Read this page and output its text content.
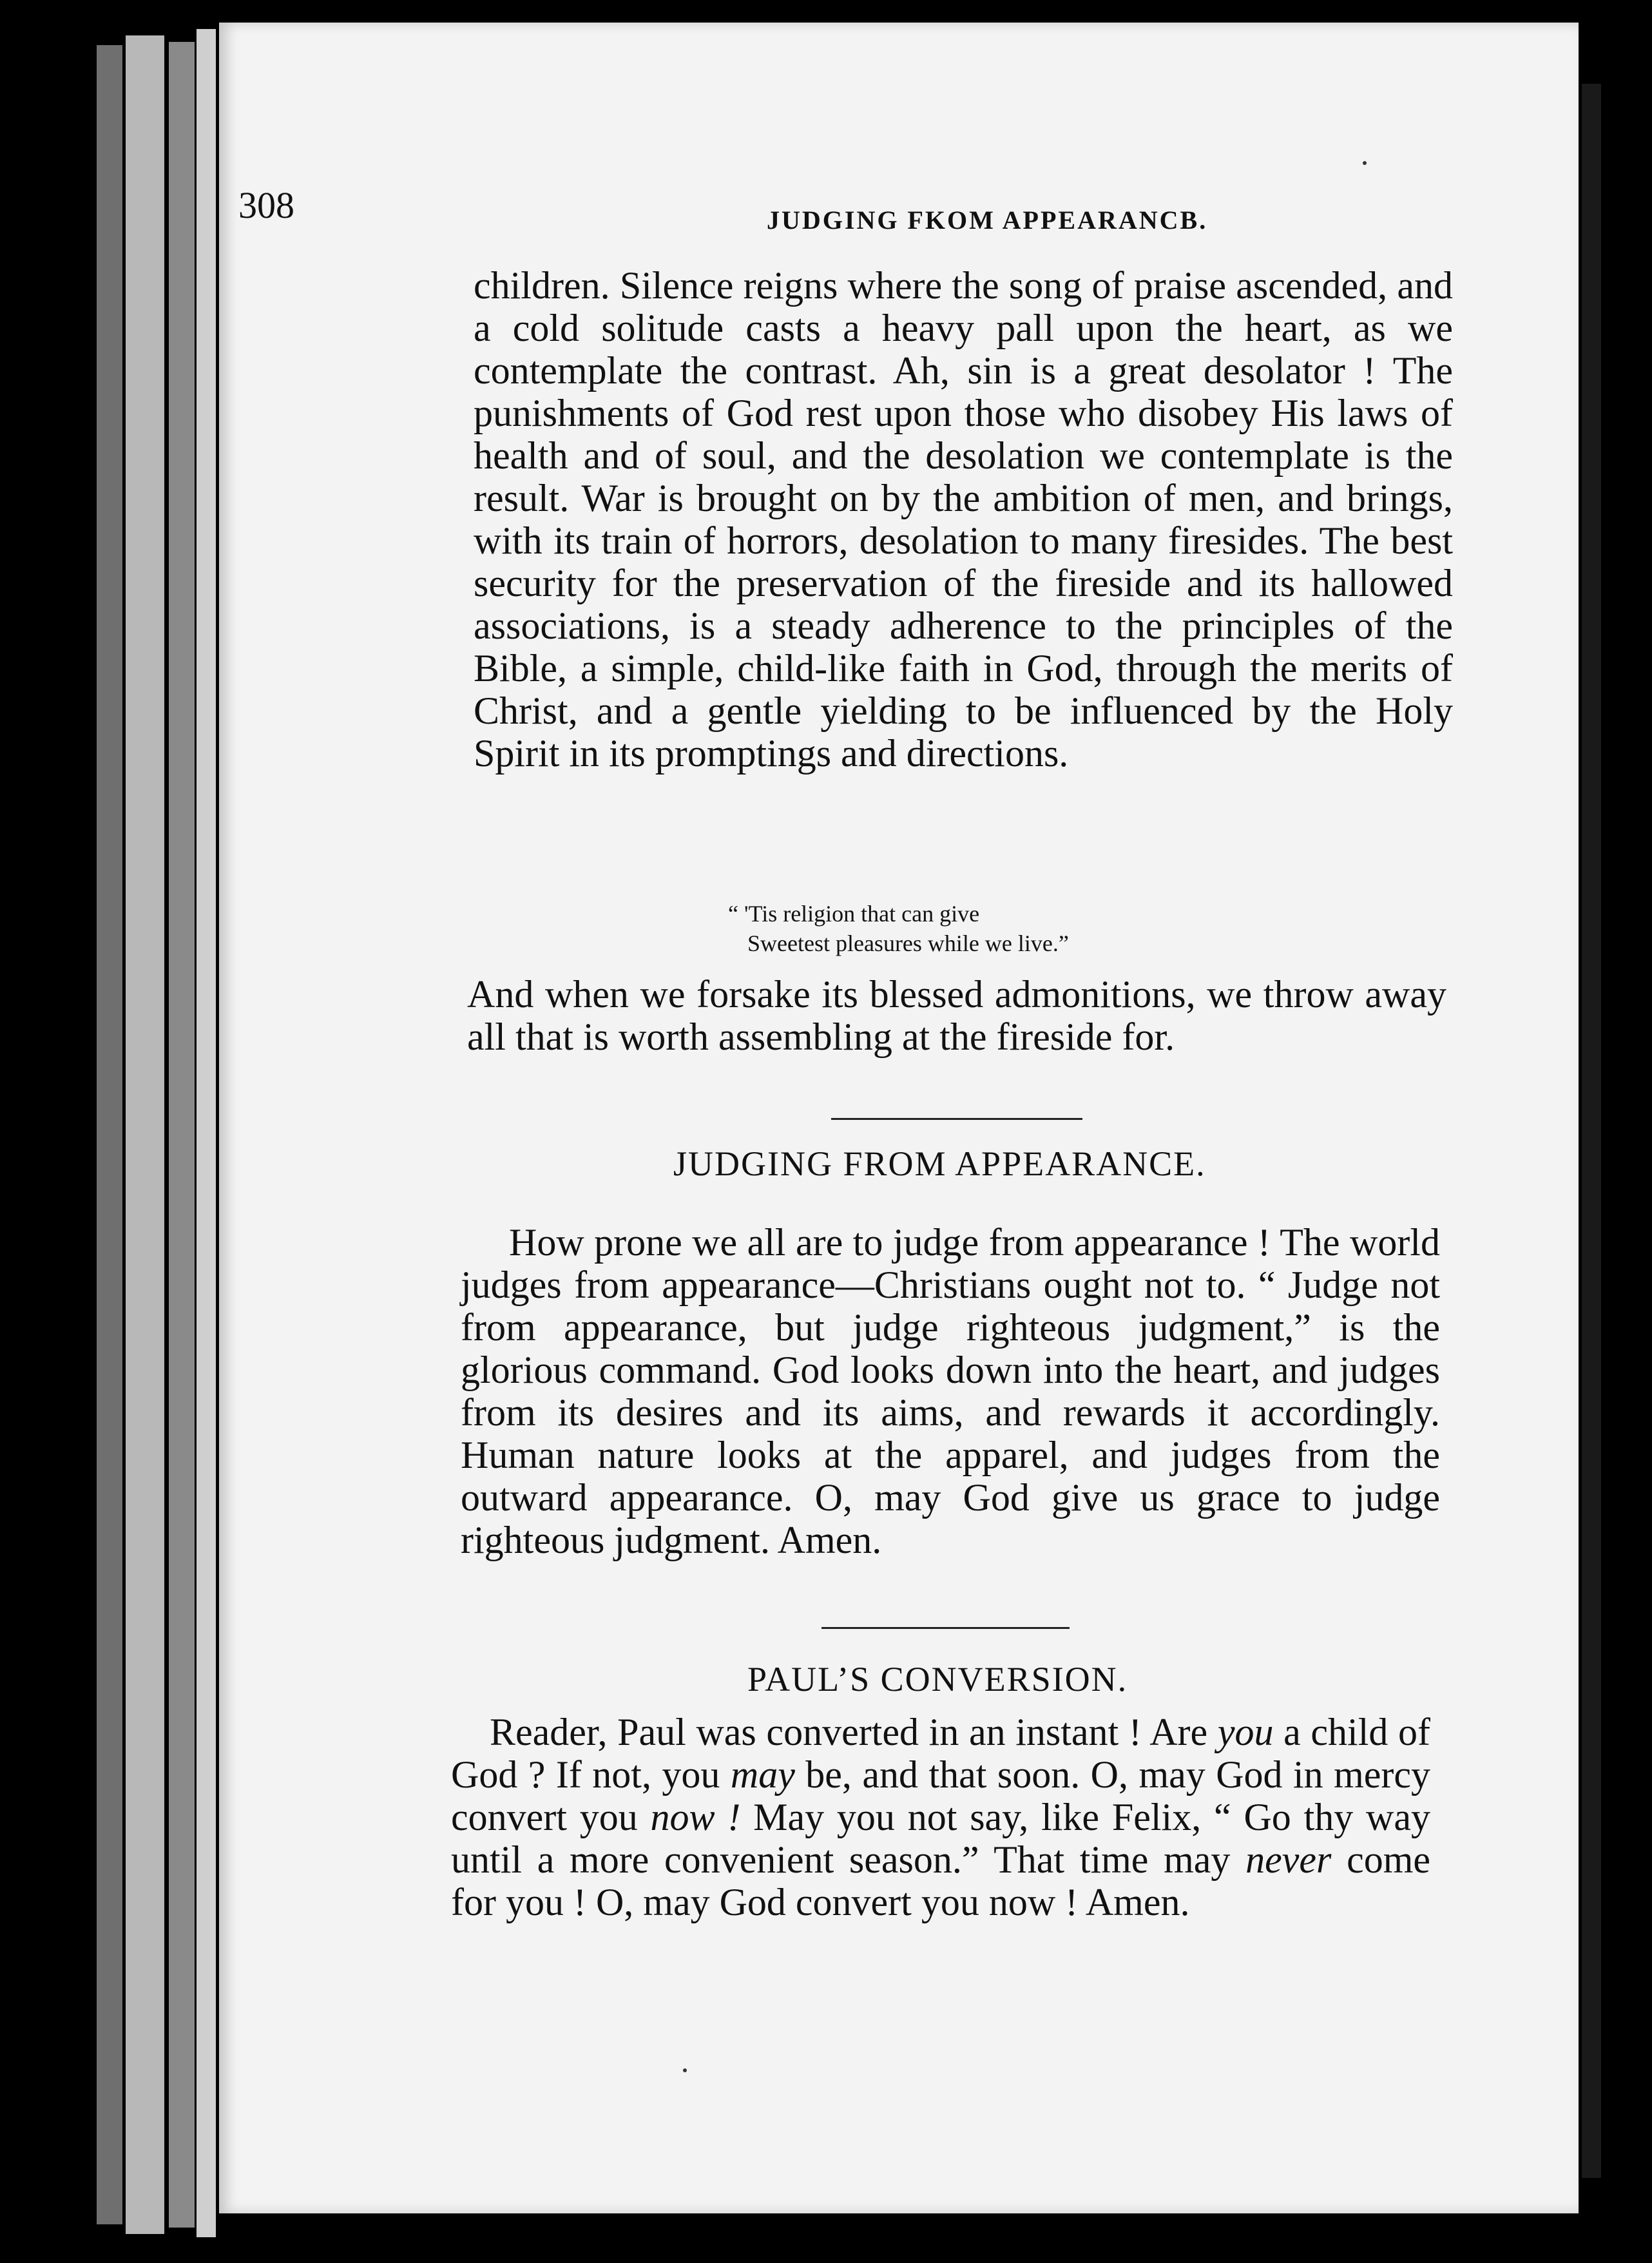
308	JUDGING FKOM APPEARANCB.
children. Silence reigns where the song of praise ascended, and a cold solitude casts a heavy pall upon the heart, as we contemplate the contrast. Ah, sin is a great desolator ! The punishments of God rest upon those who disobey His laws of health and of soul, and the desolation we contemplate is the result. War is brought on by the ambition of men, and brings, with its train of horrors, desolation to many firesides. The best security for the preservation of the fireside and its hallowed associations, is a steady adherence to the principles of the Bible, a simple, child-like faith in God, through the merits of Christ, and a gentle yielding to be influenced by the Holy Spirit in its promptings and directions.
“ 'Tis religion that can give
Sweetest pleasures while we live.”
And when we forsake its blessed admonitions, we throw away all that is worth assembling at the fireside for.
JUDGING FROM APPEARANCE.
How prone we all are to judge from appearance ! The world judges from appearance—Christians ought not to. “ Judge not from appearance, but judge righteous judgment,” is the glorious command. God looks down into the heart, and judges from its desires and its aims, and rewards it accordingly. Human nature looks at the apparel, and judges from the outward appearance. O, may God give us grace to judge righteous judgment. Amen.
PAUL’S CONVERSION.
Reader, Paul was converted in an instant ! Are you a child of God ? If not, you may be, and that soon. O, may God in mercy convert you now ! May you not say, like Felix, “ Go thy way until a more convenient season.” That time may never come for you ! O, may God convert you now ! Amen.
